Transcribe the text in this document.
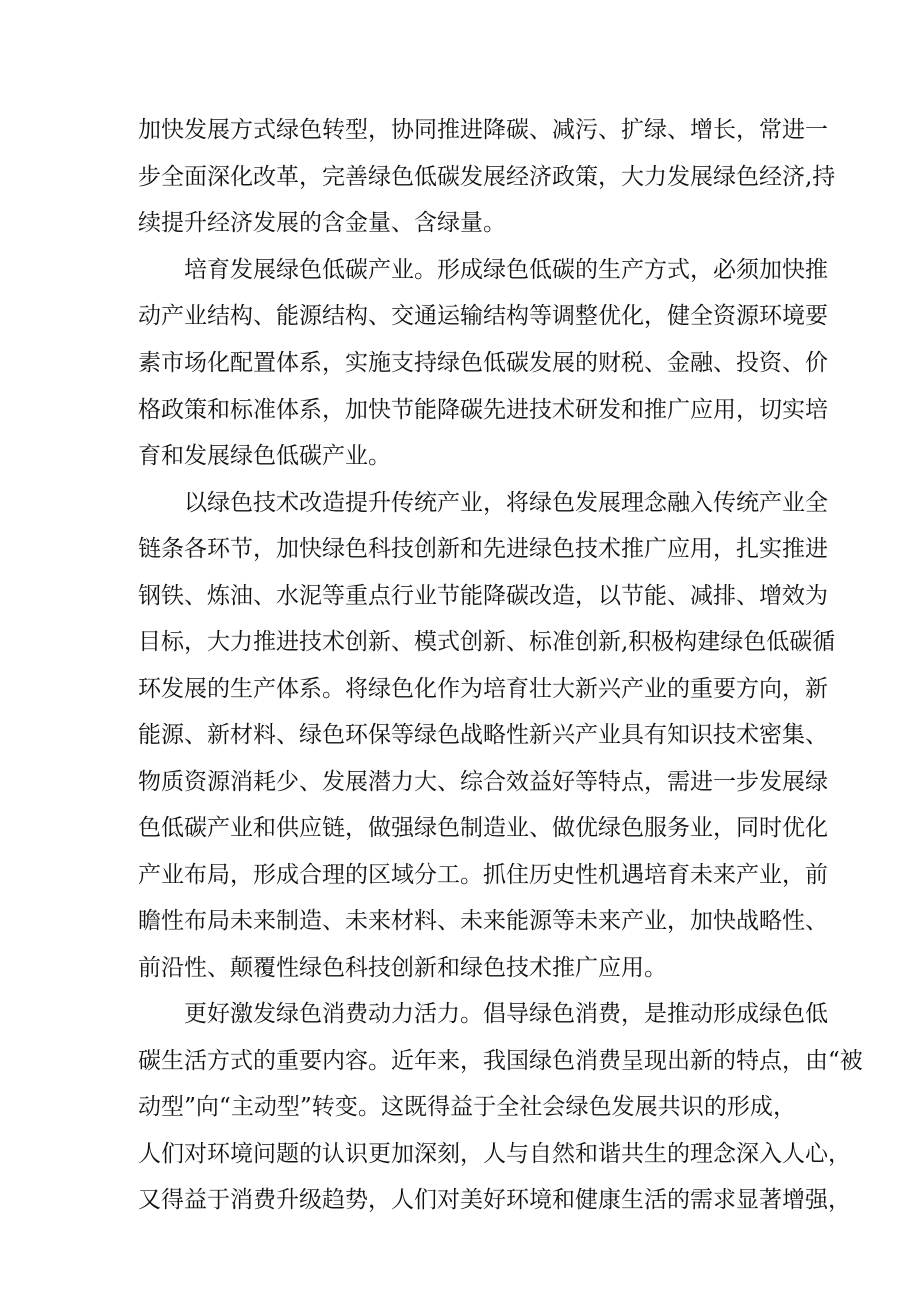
加快发展方式绿色转型，协同推进降碳、减污、扩绿、增长，常进一
步全面深化改革，完善绿色低碳发展经济政策，大力发展绿色经济,持
续提升经济发展的含金量、含绿量。
培育发展绿色低碳产业。形成绿色低碳的生产方式，必须加快推
动产业结构、能源结构、交通运输结构等调整优化，健全资源环境要
素市场化配置体系，实施支持绿色低碳发展的财税、金融、投资、价
格政策和标准体系，加快节能降碳先进技术研发和推广应用，切实培
育和发展绿色低碳产业。
以绿色技术改造提升传统产业，将绿色发展理念融入传统产业全
链条各环节，加快绿色科技创新和先进绿色技术推广应用，扎实推进
钢铁、炼油、水泥等重点行业节能降碳改造，以节能、减排、增效为
目标，大力推进技术创新、模式创新、标准创新,积极构建绿色低碳循
环发展的生产体系。将绿色化作为培育壮大新兴产业的重要方向，新
能源、新材料、绿色环保等绿色战略性新兴产业具有知识技术密集、
物质资源消耗少、发展潜力大、综合效益好等特点，需进一步发展绿
色低碳产业和供应链，做强绿色制造业、做优绿色服务业，同时优化
产业布局，形成合理的区域分工。抓住历史性机遇培育未来产业，前
瞻性布局未来制造、未来材料、未来能源等未来产业，加快战略性、
前沿性、颠覆性绿色科技创新和绿色技术推广应用。
更好激发绿色消费动力活力。倡导绿色消费，是推动形成绿色低
碳生活方式的重要内容。近年来，我国绿色消费呈现出新的特点，由“被
动型”向“主动型”转变。这既得益于全社会绿色发展共识的形成，
人们对环境问题的认识更加深刻，人与自然和谐共生的理念深入人心，
又得益于消费升级趋势，人们对美好环境和健康生活的需求显著增强，
